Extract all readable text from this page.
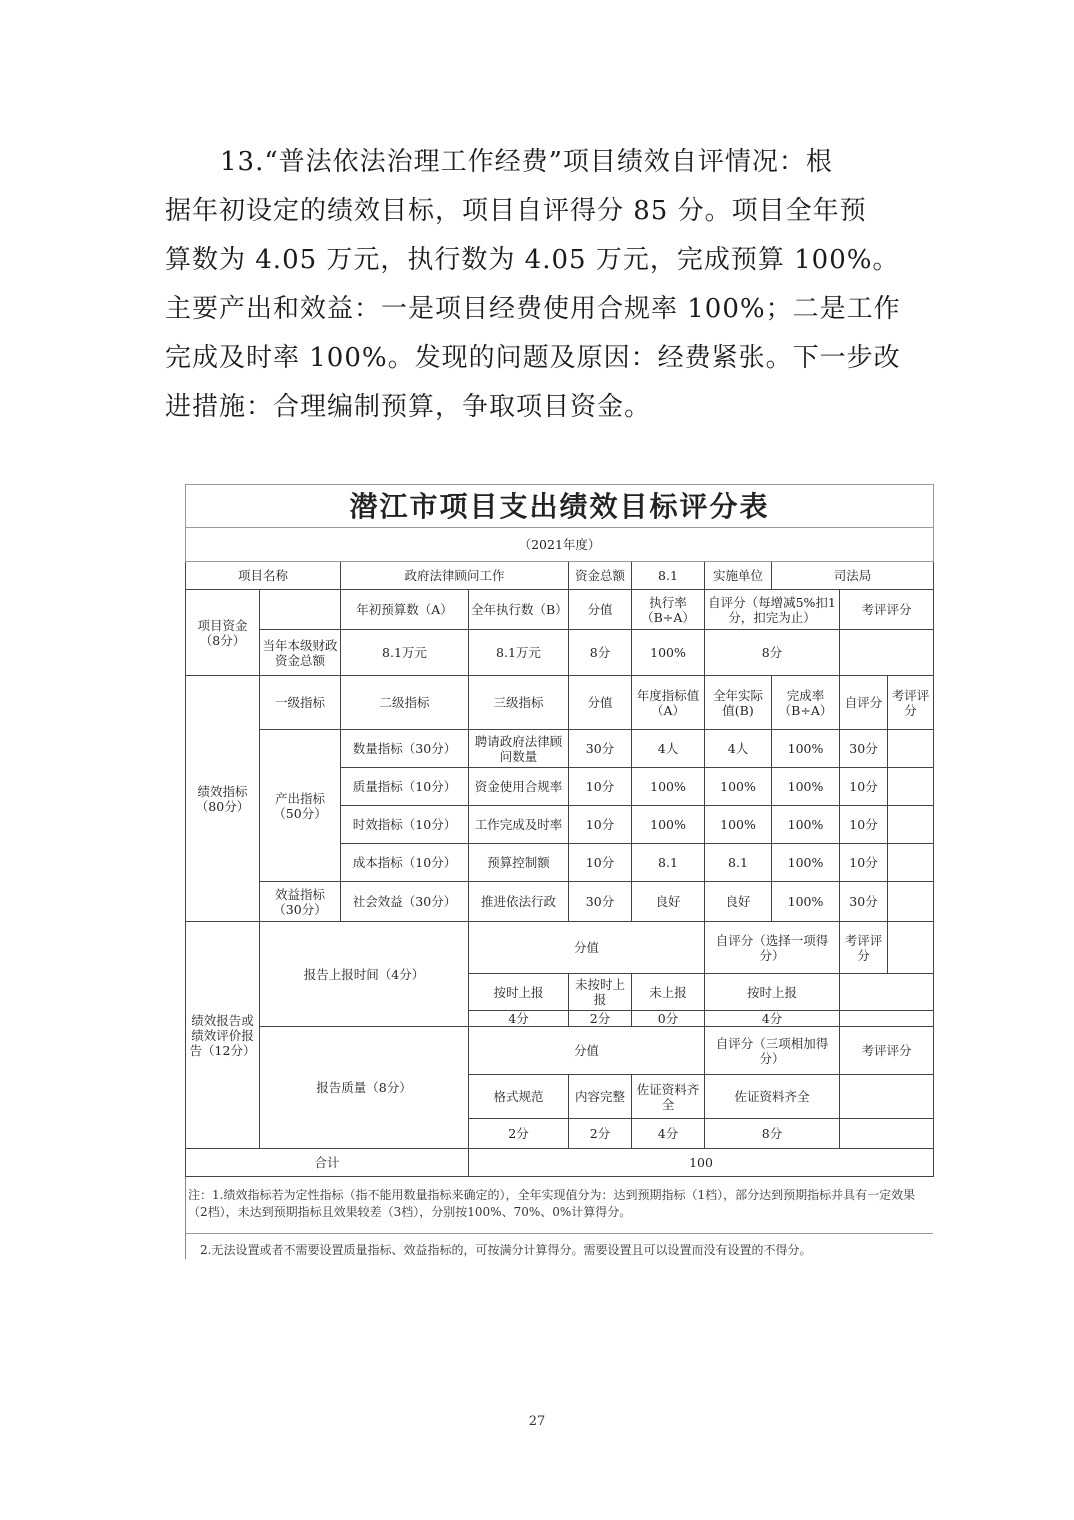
13.“普法依法治理工作经费”项目绩效自评情况：根

据年初设定的绩效目标，项目自评得分 85 分。项目全年预

算数为 4.05 万元，执行数为 4.05 万元，完成预算 100%。

主要产出和效益：一是项目经费使用合规率 100%；二是工作

完成及时率 100%。发现的问题及原因：经费紧张。下一步改

进措施：合理编制预算，争取项目资金。

潜江市项目支出绩效目标评分表									
（2021年度）									
项目名称		政府法律顾问工作		资金总额	8.1	实施单位	司法局		
项目资金（8分）		年初预算数（A）	全年执行数（B）	分值	执行率（B÷A）	自评分（每增减5%扣1分，扣完为止）		考评评分	
	当年本级财政资金总额	8.1万元	8.1万元	8分	100%	8分			
绩效指标（80分）	一级指标	二级指标	三级指标	分值	年度指标值（A）	全年实际值(B)	完成率（B÷A）	自评分	考评评分
	产出指标（50分）	数量指标（30分）	聘请政府法律顾问数量	30分	4人	4人	100%	30分	
		质量指标（10分）	资金使用合规率	10分	100%	100%	100%	10分	
		时效指标（10分）	工作完成及时率	10分	100%	100%	100%	10分	
		成本指标（10分）	预算控制额	10分	8.1	8.1	100%	10分	
	效益指标（30分）	社会效益（30分）	推进依法行政	30分	良好	良好	100%	30分	
绩效报告或绩效评价报告（12分）	报告上报时间（4分）		分值			自评分（选择一项得分）		考评评分	
			按时上报	未按时上报	未上报	按时上报			
			4分	2分	0分	4分			
	报告质量（8分）		分值			自评分（三项相加得分）		考评评分	
			格式规范	内容完整	佐证资料齐全	佐证资料齐全			
			2分	2分	4分	8分			
合计			100						
注：1.绩效指标若为定性指标（指不能用数量指标来确定的），全年实现值分为：达到预期指标（1档），部分达到预期指标并具有一定效果（2档），未达到预期指标且效果较差（3档），分别按100%、70%、0%计算得分。
2.无法设置或者不需要设置质量指标、效益指标的，可按满分计算得分。需要设置且可以设置而没有设置的不得分。
27
